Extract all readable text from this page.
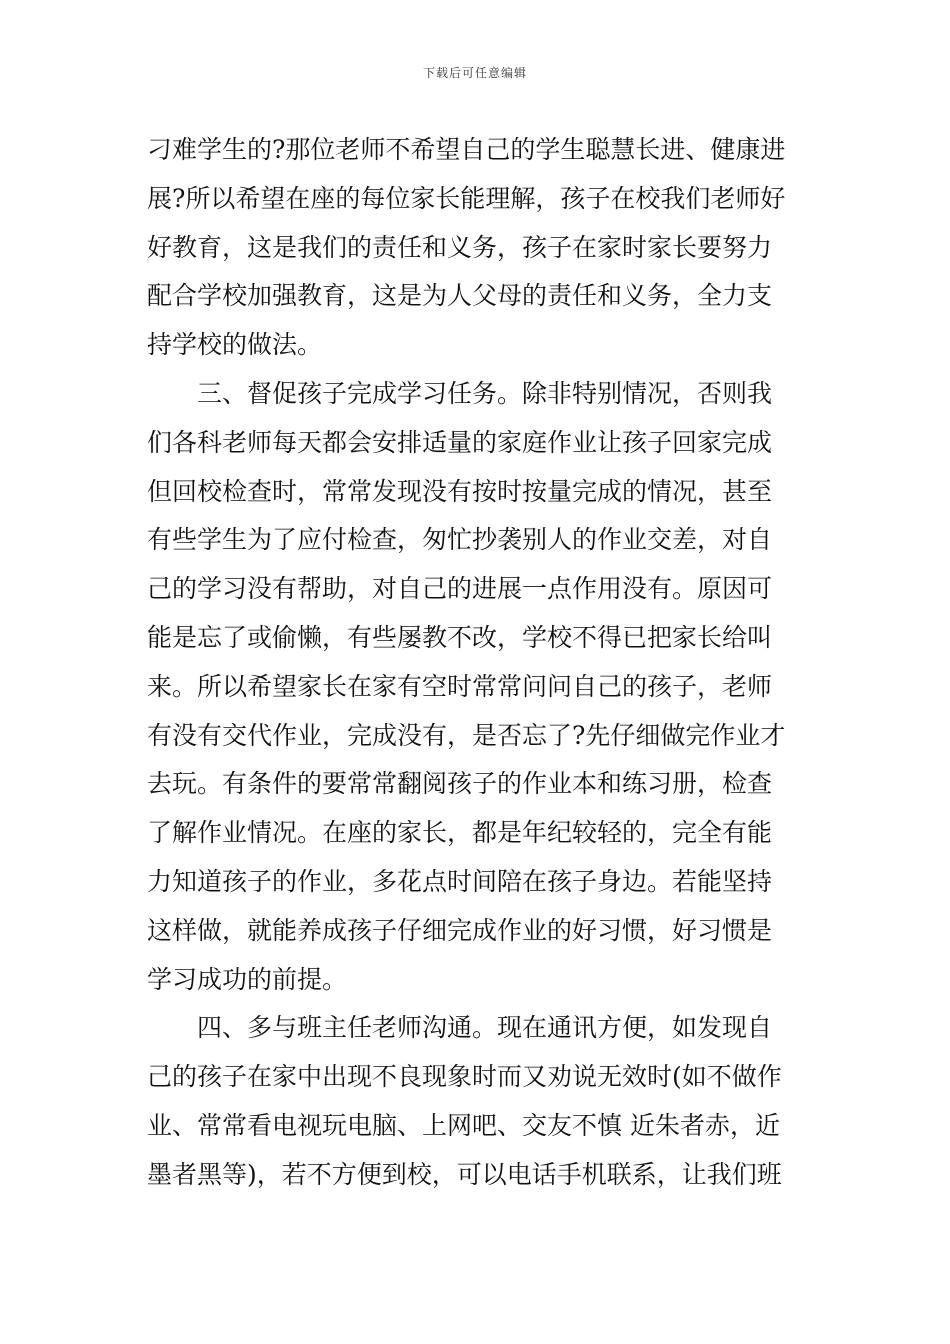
下载后可任意编辑
刁难学生的?那位老师不希望自己的学生聪慧长进、健康进
展?所以希望在座的每位家长能理解，孩子在校我们老师好
好教育，这是我们的责任和义务，孩子在家时家长要努力
配合学校加强教育，这是为人父母的责任和义务，全力支
持学校的做法。
　　三、督促孩子完成学习任务。除非特别情况，否则我
们各科老师每天都会安排适量的家庭作业让孩子回家完成
但回校检查时，常常发现没有按时按量完成的情况，甚至
有些学生为了应付检查，匆忙抄袭别人的作业交差，对自
己的学习没有帮助，对自己的进展一点作用没有。原因可
能是忘了或偷懒，有些屡教不改，学校不得已把家长给叫
来。所以希望家长在家有空时常常问问自己的孩子，老师
有没有交代作业，完成没有，是否忘了?先仔细做完作业才
去玩。有条件的要常常翻阅孩子的作业本和练习册，检查
了解作业情况。在座的家长，都是年纪较轻的，完全有能
力知道孩子的作业，多花点时间陪在孩子身边。若能坚持
这样做，就能养成孩子仔细完成作业的好习惯，好习惯是
学习成功的前提。
　　四、多与班主任老师沟通。现在通讯方便，如发现自
己的孩子在家中出现不良现象时而又劝说无效时(如不做作
业、常常看电视玩电脑、上网吧、交友不慎 近朱者赤，近
墨者黑等)，若不方便到校，可以电话手机联系，让我们班
